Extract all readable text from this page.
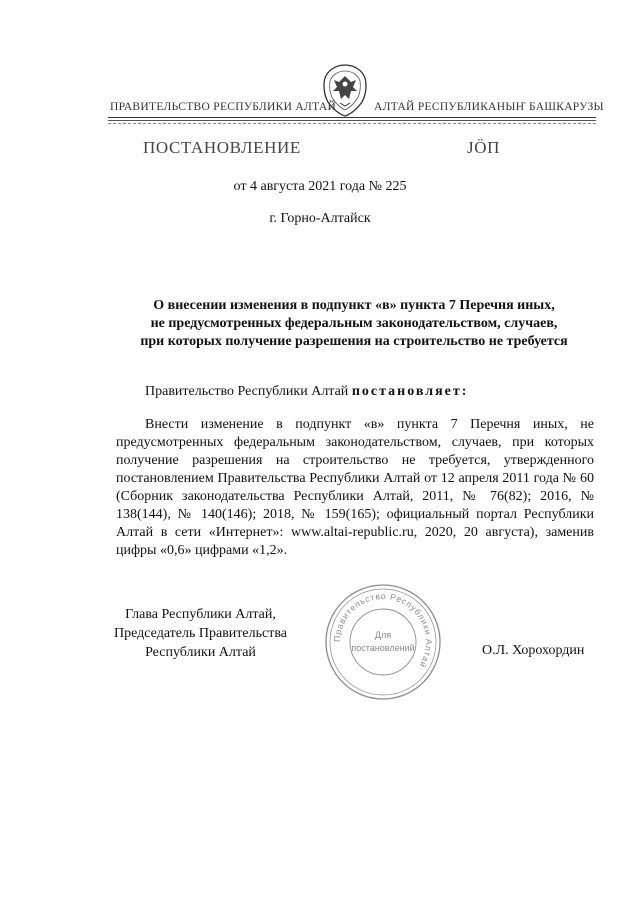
ПРАВИТЕЛЬСТВО РЕСПУБЛИКИ АЛТАЙ	АЛТАЙ РЕСПУБЛИКАНЫҤ БАШКАРУЗЫ
ПОСТАНОВЛЕНИЕ	ЈӦП
от 4 августа 2021 года № 225
г. Горно-Алтайск
О внесении изменения в подпункт «в» пункта 7 Перечня иных,
не предусмотренных федеральным законодательством, случаев,
при которых получение разрешения на строительство не требуется
Правительство Республики Алтай постановляет:
Внести изменение в подпункт «в» пункта 7 Перечня иных, не предусмотренных федеральным законодательством, случаев, при которых получение разрешения на строительство не требуется, утвержденного постановлением Правительства Республики Алтай от 12 апреля 2011 года № 60 (Сборник законодательства Республики Алтай, 2011, № 76(82); 2016, № 138(144), № 140(146); 2018, № 159(165); официальный портал Республики Алтай в сети «Интернет»: www.altai-republic.ru, 2020, 20 августа), заменив цифры «0,6» цифрами «1,2».
Глава Республики Алтай,
Председатель Правительства
Республики Алтай
Правительство Республики Алтай
Для
постановлений	О.Л. Хорохордин
